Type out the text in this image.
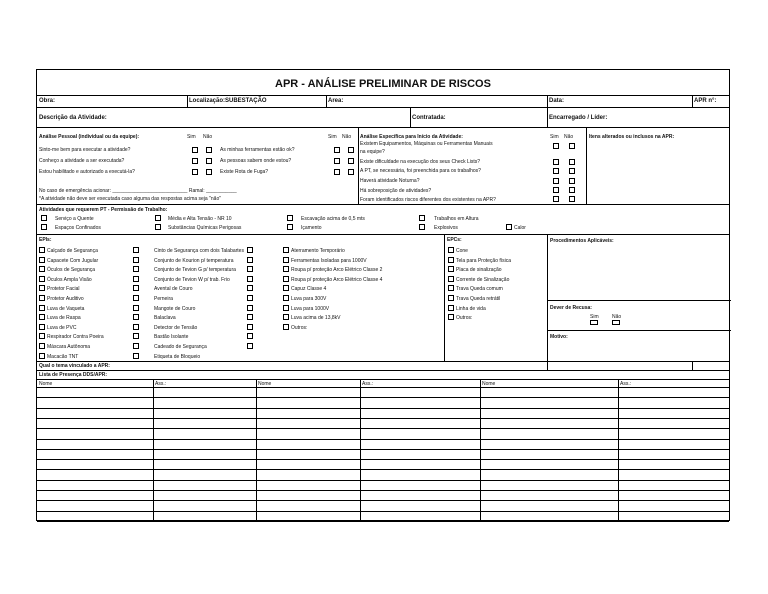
APR - ANÁLISE PRELIMINAR DE RISCOS
Obra:	Localização:SUBESTAÇÃO	Area:	Data:	APR n°:
Descrição da Atividade:	Contratada:	Encarregado / Líder:
Análise Pessoal (individual ou da equipe):	Sim Não	Sim Não
Sinto-me bem para executar a atividade?
Conheço a atividade a ser executada?
Estou habilitado e autorizado a executá-la?
As minhas ferramentas estão ok?
As pessoas sabem onde estou?
Existe Rota de Fuga?
No caso de emergência acionar: ___________________________ Ramal: ___________
*A atividade não deve ser executada caso alguma das respostas acima seja "não"
Análise Específica para Início da Atividade:	Sim Não
Existem Equipamentos, Máquinas ou Ferramentas Manuais
na equipe?
Existe dificuldade na execução dos seus Check Lists?
A PT, se necessária, foi preenchida para os trabalhos?
Haverá atividade Noturna?
Há sobreposição de atividades?
Foram identificados riscos diferentes dos existentes na APR?
Itens alterados ou inclusos na APR:
Atividades que requerem PT - Permissão de Trabalho:
Serviço a Quente	Média e Alta Tensão - NR 10	Escavação acima de 0,5 mts	Trabalhos em Altura
Espaços Confinados	Substâncias Químicas Perigosas	Içamento	Explosivos	Calor
EPIs:
Calçado de Segurança
Capacete Com Jugular
Óculos de Segurança
Óculos Ampla Visão
Protetor Facial
Protetor Auditivo
Luva de Vaqueta
Luva de Raspa
Luva de PVC
Respirador Contra Poeira
Máscara Autônoma
Macacão TNT
Cinto de Segurança com dois Talabartes
Conjunto de Kourion p/ temperatura
Conjunto de Tevion G p/ temperatura
Conjunto de Tevion W p/ trab. Frio
Avental de Couro
Perneira
Mangote de Couro
Balaclava
Detector de Tensão
Bastão Isolante
Cadeado de Segurança
Etiqueta de Bloqueio
Aterramento Temporário
Ferramentas Isoladas para 1000V
Roupa p/ proteção Arco Elétrico Classe 2
Roupa p/ proteção Arco Elétrico Classe 4
Capuz Classe 4
Luva para 300V
Luva para 1000V
Luva acima de 13,8kV
Outros:
EPCs:
Cone
Tela para Proteção física
Placa de sinalização
Corrente de Sinalização
Trava Queda comum
Trava Queda retrátil
Linha de vida
Outros:
Procedimentos Aplicáveis:
Dever de Recusa:
Sim	Não
Motivo:
Qual o tema vinculado a APR:
Lista de Presença DDS/APR:
Nome	Ass.:	Nome	Ass.:	Nome	Ass.:
